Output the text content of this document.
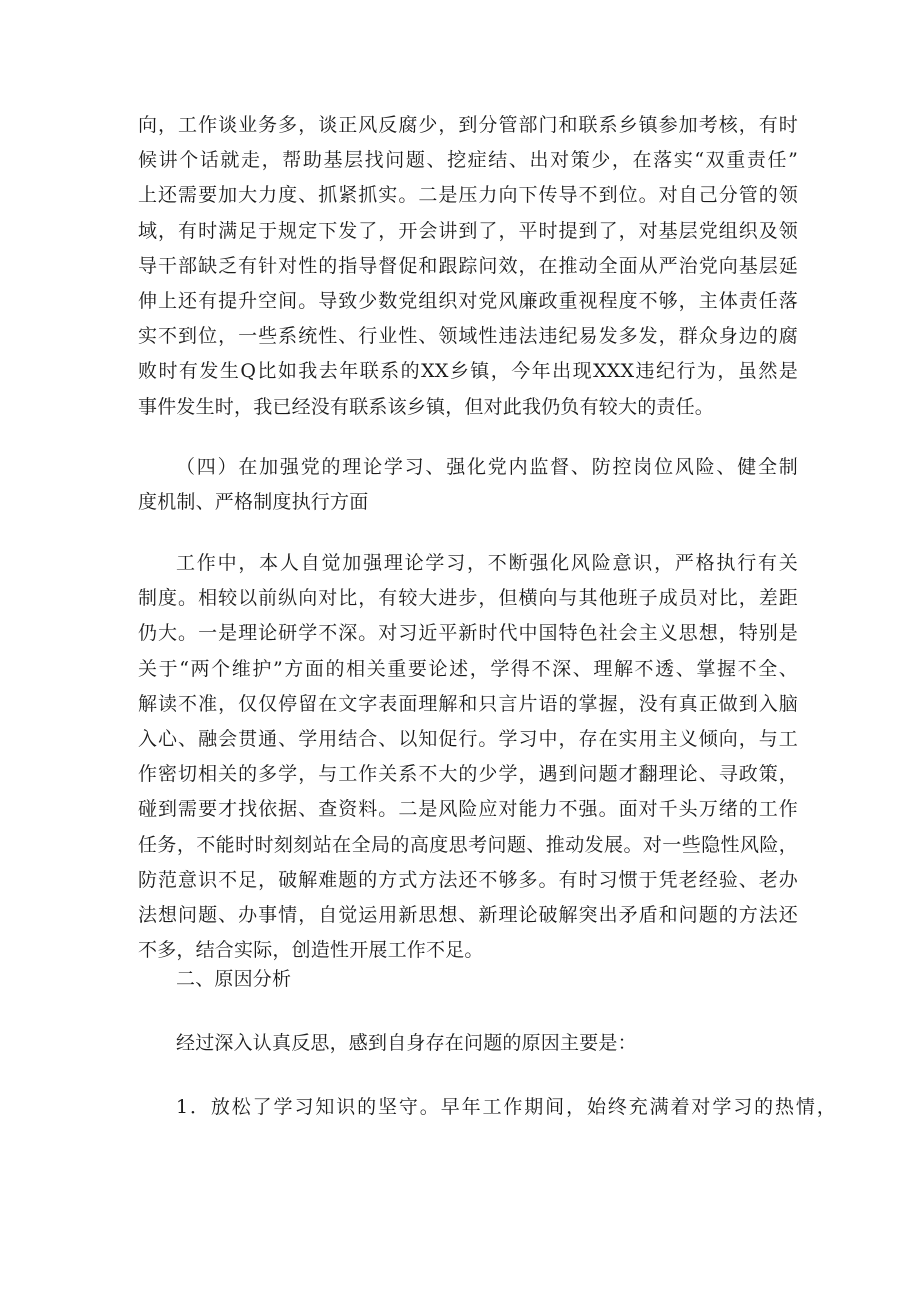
向，工作谈业务多，谈正风反腐少，到分管部门和联系乡镇参加考核，有时
候讲个话就走，帮助基层找问题、挖症结、出对策少，在落实“双重责任”
上还需要加大力度、抓紧抓实。二是压力向下传导不到位。对自己分管的领
域，有时满足于规定下发了，开会讲到了，平时提到了，对基层党组织及领
导干部缺乏有针对性的指导督促和跟踪问效，在推动全面从严治党向基层延
伸上还有提升空间。导致少数党组织对党风廉政重视程度不够，主体责任落
实不到位，一些系统性、行业性、领域性违法违纪易发多发，群众身边的腐
败时有发生Q比如我去年联系的XX乡镇，今年出现XXX违纪行为，虽然是
事件发生时，我已经没有联系该乡镇，但对此我仍负有较大的责任。
（四）在加强党的理论学习、强化党内监督、防控岗位风险、健全制
度机制、严格制度执行方面
工作中，本人自觉加强理论学习，不断强化风险意识，严格执行有关
制度。相较以前纵向对比，有较大进步，但横向与其他班子成员对比，差距
仍大。一是理论研学不深。对习近平新时代中国特色社会主义思想，特别是
关于“两个维护”方面的相关重要论述，学得不深、理解不透、掌握不全、
解读不准，仅仅停留在文字表面理解和只言片语的掌握，没有真正做到入脑
入心、融会贯通、学用结合、以知促行。学习中，存在实用主义倾向，与工
作密切相关的多学，与工作关系不大的少学，遇到问题才翻理论、寻政策，
碰到需要才找依据、查资料。二是风险应对能力不强。面对千头万绪的工作
任务，不能时时刻刻站在全局的高度思考问题、推动发展。对一些隐性风险，
防范意识不足，破解难题的方式方法还不够多。有时习惯于凭老经验、老办
法想问题、办事情，自觉运用新思想、新理论破解突出矛盾和问题的方法还
不多，结合实际，创造性开展工作不足。
二、原因分析
经过深入认真反思，感到自身存在问题的原因主要是：
1．放松了学习知识的坚守。早年工作期间，始终充满着对学习的热情，
